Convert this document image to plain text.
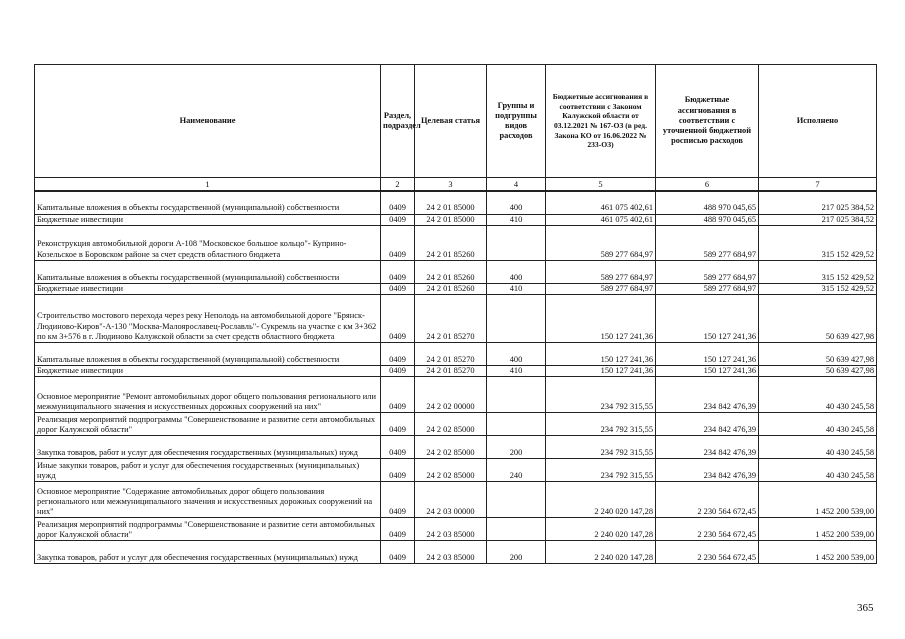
Наименование	Раздел, подраздел	Целевая статья	Группы и подгруппы видов расходов	Бюджетные ассигнования в соответствии с Законом Калужской области от 03.12.2021 № 167-ОЗ (в ред. Закона КО от 16.06.2022 № 233-ОЗ)	Бюджетные ассигнования в соответствии с уточненной бюджетной росписью расходов	Исполнено
1	2	3	4	5	6	7
Капитальные вложения в объекты государственной (муниципальной) собственности	0409	24 2 01 85000	400	461 075 402,61	488 970 045,65	217 025 384,52
Бюджетные инвестиции	0409	24 2 01 85000	410	461 075 402,61	488 970 045,65	217 025 384,52
Реконструкция автомобильной дороги А-108 "Московское большое кольцо"- Куприно-Козельское в Боровском районе за счет средств областного бюджета	0409	24 2 01 85260		589 277 684,97	589 277 684,97	315 152 429,52
Капитальные вложения в объекты государственной (муниципальной) собственности	0409	24 2 01 85260	400	589 277 684,97	589 277 684,97	315 152 429,52
Бюджетные инвестиции	0409	24 2 01 85260	410	589 277 684,97	589 277 684,97	315 152 429,52
Строительство мостового перехода через реку Неполодь на автомобильной дороге "Брянск-Людиново-Киров"-А-130 "Москва-Малоярославец-Рославль"- Сукремль на участке с км 3+362 по км 3+576 в г. Людиново Калужской области за счет средств областного бюджета	0409	24 2 01 85270		150 127 241,36	150 127 241,36	50 639 427,98
Капитальные вложения в объекты государственной (муниципальной) собственности	0409	24 2 01 85270	400	150 127 241,36	150 127 241,36	50 639 427,98
Бюджетные инвестиции	0409	24 2 01 85270	410	150 127 241,36	150 127 241,36	50 639 427,98
Основное мероприятие "Ремонт автомобильных дорог общего пользования регионального или межмуниципального значения и искусственных дорожных сооружений на них"	0409	24 2 02 00000		234 792 315,55	234 842 476,39	40 430 245,58
Реализация мероприятий подпрограммы "Совершенствование и развитие сети автомобильных дорог Калужской области"	0409	24 2 02 85000		234 792 315,55	234 842 476,39	40 430 245,58
Закупка товаров, работ и услуг для обеспечения государственных (муниципальных) нужд	0409	24 2 02 85000	200	234 792 315,55	234 842 476,39	40 430 245,58
Иные закупки товаров, работ и услуг для обеспечения государственных (муниципальных) нужд	0409	24 2 02 85000	240	234 792 315,55	234 842 476,39	40 430 245,58
Основное мероприятие "Содержание автомобильных дорог общего пользования регионального или межмуниципального значения и искусственных дорожных сооружений на них"	0409	24 2 03 00000		2 240 020 147,28	2 230 564 672,45	1 452 200 539,00
Реализация мероприятий подпрограммы "Совершенствование и развитие сети автомобильных дорог Калужской области"	0409	24 2 03 85000		2 240 020 147,28	2 230 564 672,45	1 452 200 539,00
Закупка товаров, работ и услуг для обеспечения государственных (муниципальных) нужд	0409	24 2 03 85000	200	2 240 020 147,28	2 230 564 672,45	1 452 200 539,00
365
